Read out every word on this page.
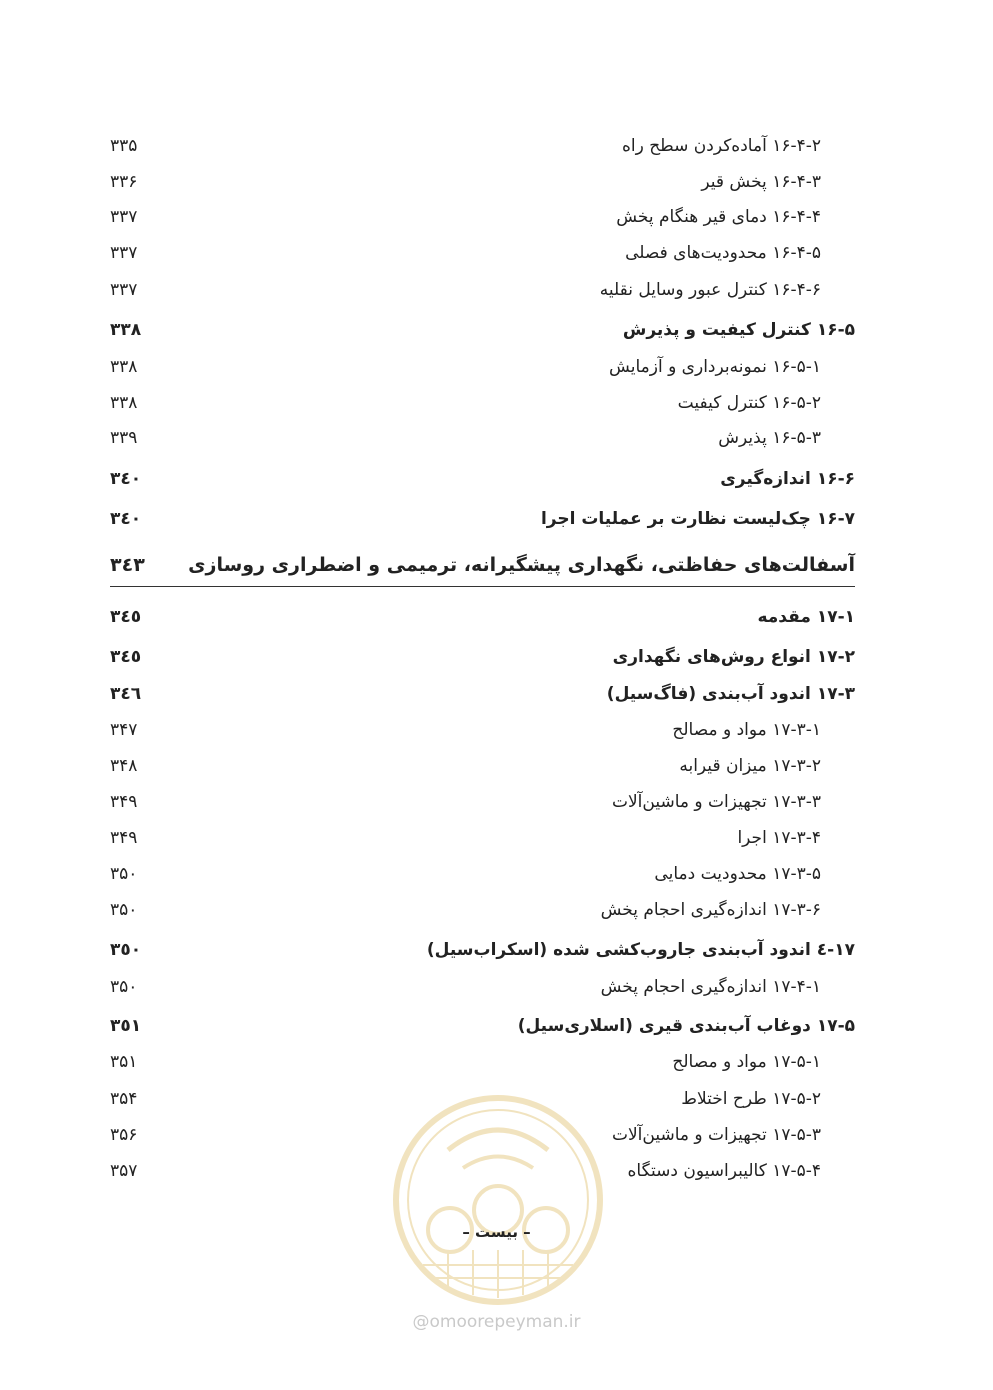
۱۶-۴-۲ آماده‌کردن سطح راه
۳۳۵
۱۶-۴-۳ پخش قیر
۳۳۶
۱۶-۴-۴ دمای قیر هنگام پخش
۳۳۷
۱۶-۴-۵ محدودیت‌های فصلی
۳۳۷
۱۶-۴-۶ کنترل عبور وسایل نقلیه
۳۳۷
۱۶-۵ کنترل کیفیت و پذیرش
۳۳۸
۱۶-۵-۱ نمونه‌برداری و آزمایش
۳۳۸
۱۶-۵-۲ کنترل کیفیت
۳۳۸
۱۶-۵-۳ پذیرش
۳۳۹
۱۶-۶ اندازه‌گیری
۳٤۰
۱۶-۷ چک‌لیست نظارت بر عملیات اجرا
۳٤۰
آسفالت‌های حفاظتی، نگهداری پیشگیرانه، ترمیمی و اضطراری روسازی
۳٤۳
۱۷-۱ مقدمه
۳٤٥
۱۷-۲ انواع روش‌های نگهداری
۳٤٥
۱۷-۳ اندود آب‌بندی (فاگ‌سیل)
۳٤٦
۱۷-۳-۱ مواد و مصالح
۳۴۷
۱۷-۳-۲ میزان قیرابه
۳۴۸
۱۷-۳-۳ تجهیزات و ماشین‌آلات
۳۴۹
۱۷-۳-۴ اجرا
۳۴۹
۱۷-۳-۵ محدودیت دمایی
۳۵۰
۱۷-۳-۶ اندازه‌گیری احجام پخش
۳۵۰
۱۷-٤ اندود آب‌بندی جاروب‌کشی شده (اسکراب‌سیل)
۳٥۰
۱۷-۴-۱ اندازه‌گیری احجام پخش
۳۵۰
۱۷-۵ دوغاب آب‌بندی قیری (اسلاری‌سیل)
۳٥۱
۱۷-۵-۱ مواد و مصالح
۳۵۱
۱۷-۵-۲ طرح اختلاط
۳۵۴
۱۷-۵-۳ تجهیزات و ماشین‌آلات
۳۵۶
۱۷-۵-۴ کالیبراسیون دستگاه
۳۵۷
– بیست –
@omoorepeyman.ir
